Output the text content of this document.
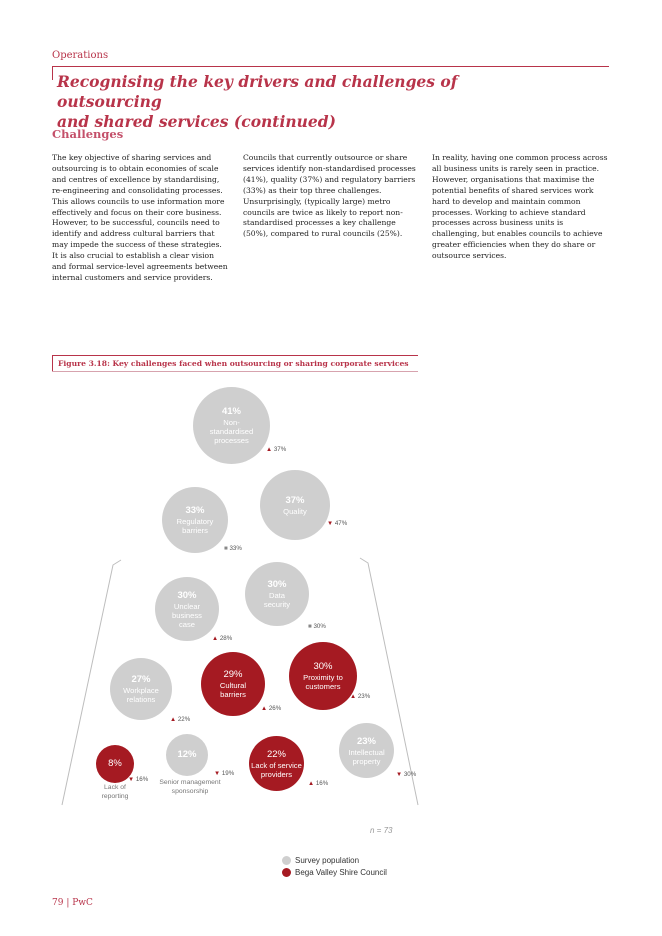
Operations
Recognising the key drivers and challenges of outsourcing
and shared services (continued)
Challenges
The key objective of sharing services and outsourcing is to obtain economies of scale and centres of excellence by standardising, re-engineering and consolidating processes. This allows councils to use information more effectively and focus on their core business. However, to be successful, councils need to identify and address cultural barriers that may impede the success of these strategies. It is also crucial to establish a clear vision and formal service-level agreements between internal customers and service providers.
Councils that currently outsource or share services identify non-standardised processes (41%), quality (37%) and regulatory barriers (33%) as their top three challenges. Unsurprisingly, (typically large) metro councils are twice as likely to report non-standardised processes a key challenge (50%), compared to rural councils (25%).
In reality, having one common process across all business units is rarely seen in practice. However, organisations that maximise the potential benefits of shared services work hard to develop and maintain common processes. Working to achieve standard processes across business units is challenging, but enables councils to achieve greater efficiencies when they do share or outsource services.
Figure 3.18: Key challenges faced when outsourcing or sharing corporate services
41%
Non-
standardised
processes
▲ 37%
37%
Quality
▼ 47%
33%
Regulatory
barriers
■ 33%
30%
Data
security
■ 30%
30%
Unclear
business
case
▲ 28%
27%
Workplace
relations
▲ 22%
29%
Cultural
barriers
▲ 26%
30%
Proximity to
customers
▲ 23%
23%
Intellectual
property
▼ 30%
8%
Lack of
reporting
▼ 16%
12%
Senior management
sponsorship
▼ 19%
22%
Lack of service
providers
▲ 16%
n = 73
Survey population
Bega Valley Shire Council
79 | PwC
